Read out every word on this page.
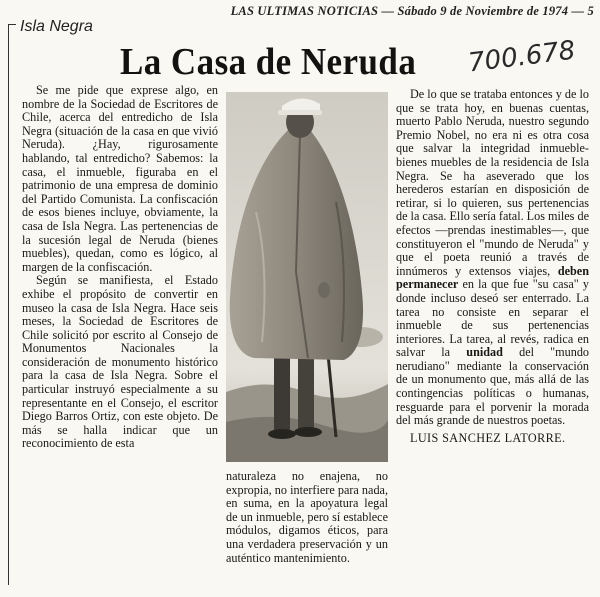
LAS ULTIMAS NOTICIAS — Sábado 9 de Noviembre de 1974 — 5
Isla Negra
La Casa de Neruda 700.678

Se me pide que exprese algo, en nombre de la Sociedad de Escritores de Chile, acerca del entredicho de Isla Negra (situación de la casa en que vivió Neruda). ¿Hay, rigurosamente hablando, tal entredicho? Sabemos: la casa, el inmueble, figuraba en el patrimonio de una empresa de dominio del Partido Comunista. La confiscación de esos bienes incluye, obviamente, la casa de Isla Negra. Las pertenencias de la sucesión legal de Neruda (bienes muebles), quedan, como es lógico, al margen de la confiscación.

Según se manifiesta, el Estado exhibe el propósito de convertir en museo la casa de Isla Negra. Hace seis meses, la Sociedad de Escritores de Chile solicitó por escrito al Consejo de Monumentos Nacionales la consideración de monumento histórico para la casa de Isla Negra. Sobre el particular instruyó especialmente a su representante en el Consejo, el escritor Diego Barros Ortiz, con este objeto. De más se halla indicar que un reconocimiento de esta

naturaleza no enajena, no expropia, no interfiere para nada, en suma, en la apoyatura legal de un inmueble, pero sí establece módulos, digamos éticos, para una verdadera preservación y un auténtico mantenimiento.

De lo que se trataba entonces y de lo que se trata hoy, en buenas cuentas, muerto Pablo Neruda, nuestro segundo Premio Nobel, no era ni es otra cosa que salvar la integridad inmueble-bienes muebles de la residencia de Isla Negra. Se ha aseverado que los herederos estarían en disposición de retirar, si lo quieren, sus pertenencias de la casa. Ello sería fatal. Los miles de efectos —prendas inestimables—, que constituyeron el "mundo de Neruda" y que el poeta reunió a través de innúmeros y extensos viajes, deben permanecer en la que fue "su casa" y donde incluso deseó ser enterrado. La tarea no consiste en separar el inmueble de sus pertenencias interiores. La tarea, al revés, radica en salvar la unidad del "mundo nerudiano" mediante la conservación de un monumento que, más allá de las contingencias políticas o humanas, resguarde para el porvenir la morada del más grande de nuestros poetas.

LUIS SANCHEZ LATORRE.
